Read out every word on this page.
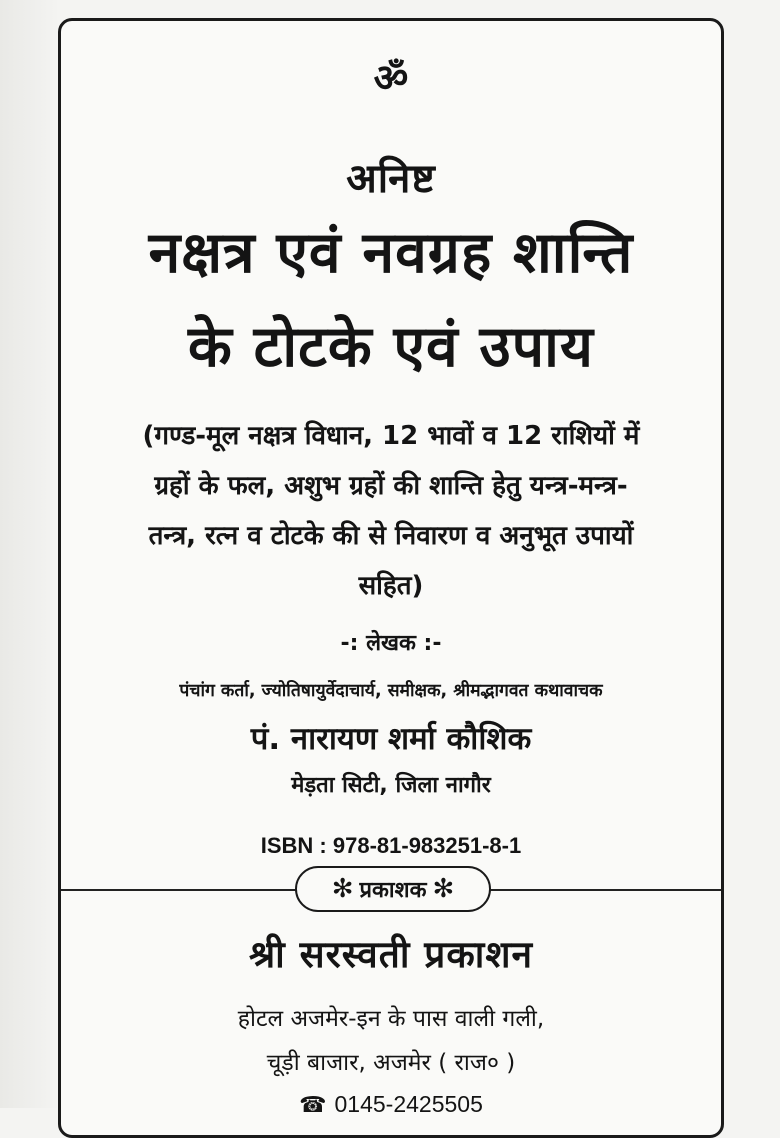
ॐ
अनिष्ट
नक्षत्र एवं नवग्रह शान्ति
के टोटके एवं उपाय
(गण्ड-मूल नक्षत्र विधान, 12 भावों व 12 राशियों में
ग्रहों के फल, अशुभ ग्रहों की शान्ति हेतु यन्त्र-मन्त्र-
तन्त्र, रत्न व टोटके की से निवारण व अनुभूत उपायों
सहित)
-: लेखक :-
पंचांग कर्ता, ज्योतिषायुर्वेदाचार्य, समीक्षक, श्रीमद्भागवत कथावाचक
पं. नारायण शर्मा कौशिक
मेड़ता सिटी, जिला नागौर
ISBN : 978-81-983251-8-1
✻ प्रकाशक ✻
श्री सरस्वती प्रकाशन
होटल अजमेर-इन के पास वाली गली,
चूड़ी बाजार, अजमेर ( राज० )
☎ 0145-2425505
